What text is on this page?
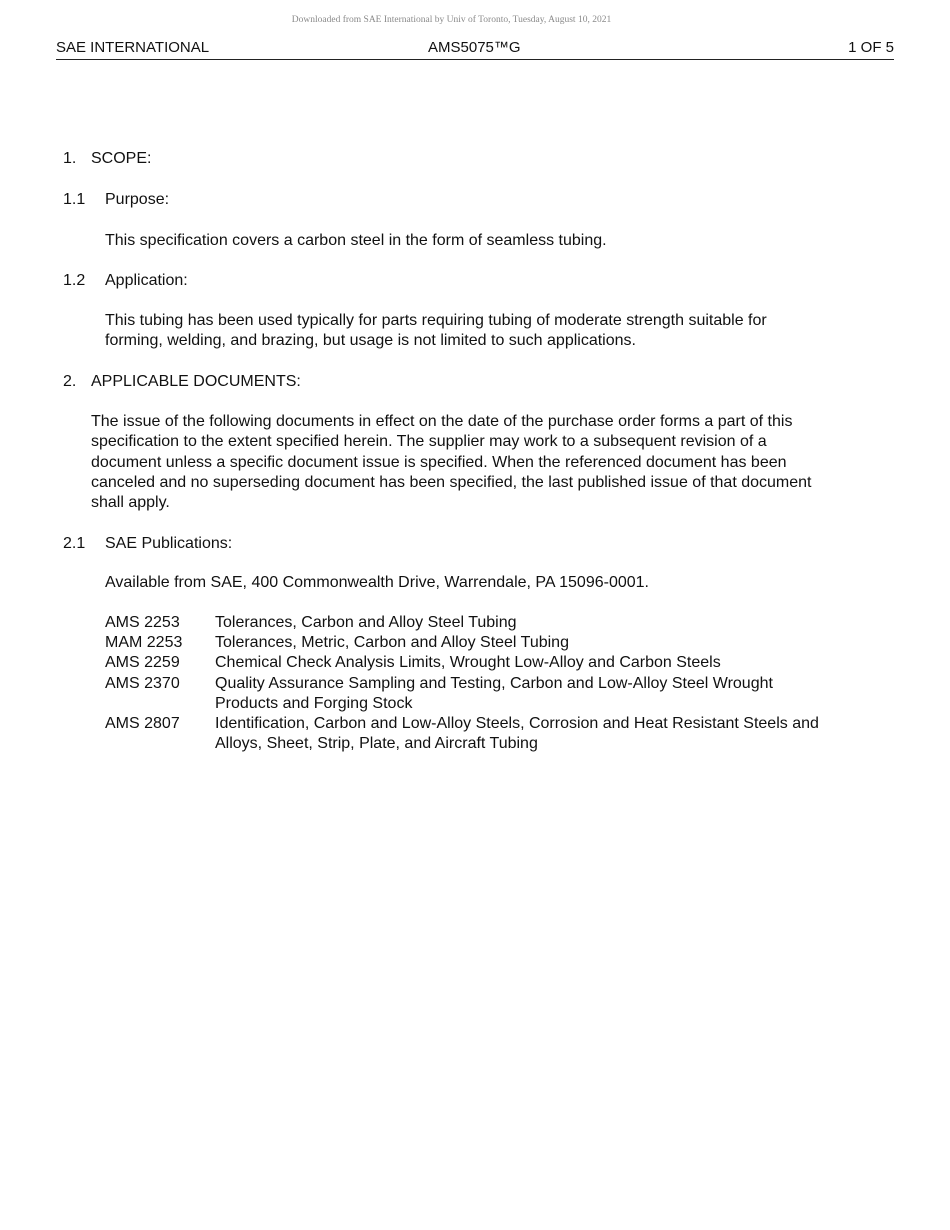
Downloaded from SAE International by Univ of Toronto, Tuesday, August 10, 2021
SAE INTERNATIONAL	AMS5075™G	1 OF 5
1. SCOPE:
1.1 Purpose:
This specification covers a carbon steel in the form of seamless tubing.
1.2 Application:
This tubing has been used typically for parts requiring tubing of moderate strength suitable for
forming, welding, and brazing, but usage is not limited to such applications.
2. APPLICABLE DOCUMENTS:
The issue of the following documents in effect on the date of the purchase order forms a part of this
specification to the extent specified herein. The supplier may work to a subsequent revision of a
document unless a specific document issue is specified. When the referenced document has been
canceled and no superseding document has been specified, the last published issue of that document
shall apply.
2.1 SAE Publications:
Available from SAE, 400 Commonwealth Drive, Warrendale, PA 15096-0001.
AMS 2253	Tolerances, Carbon and Alloy Steel Tubing
MAM 2253	Tolerances, Metric, Carbon and Alloy Steel Tubing
AMS 2259	Chemical Check Analysis Limits, Wrought Low-Alloy and Carbon Steels
AMS 2370	Quality Assurance Sampling and Testing, Carbon and Low-Alloy Steel Wrought
Products and Forging Stock
AMS 2807	Identification, Carbon and Low-Alloy Steels, Corrosion and Heat Resistant Steels and
Alloys, Sheet, Strip, Plate, and Aircraft Tubing
